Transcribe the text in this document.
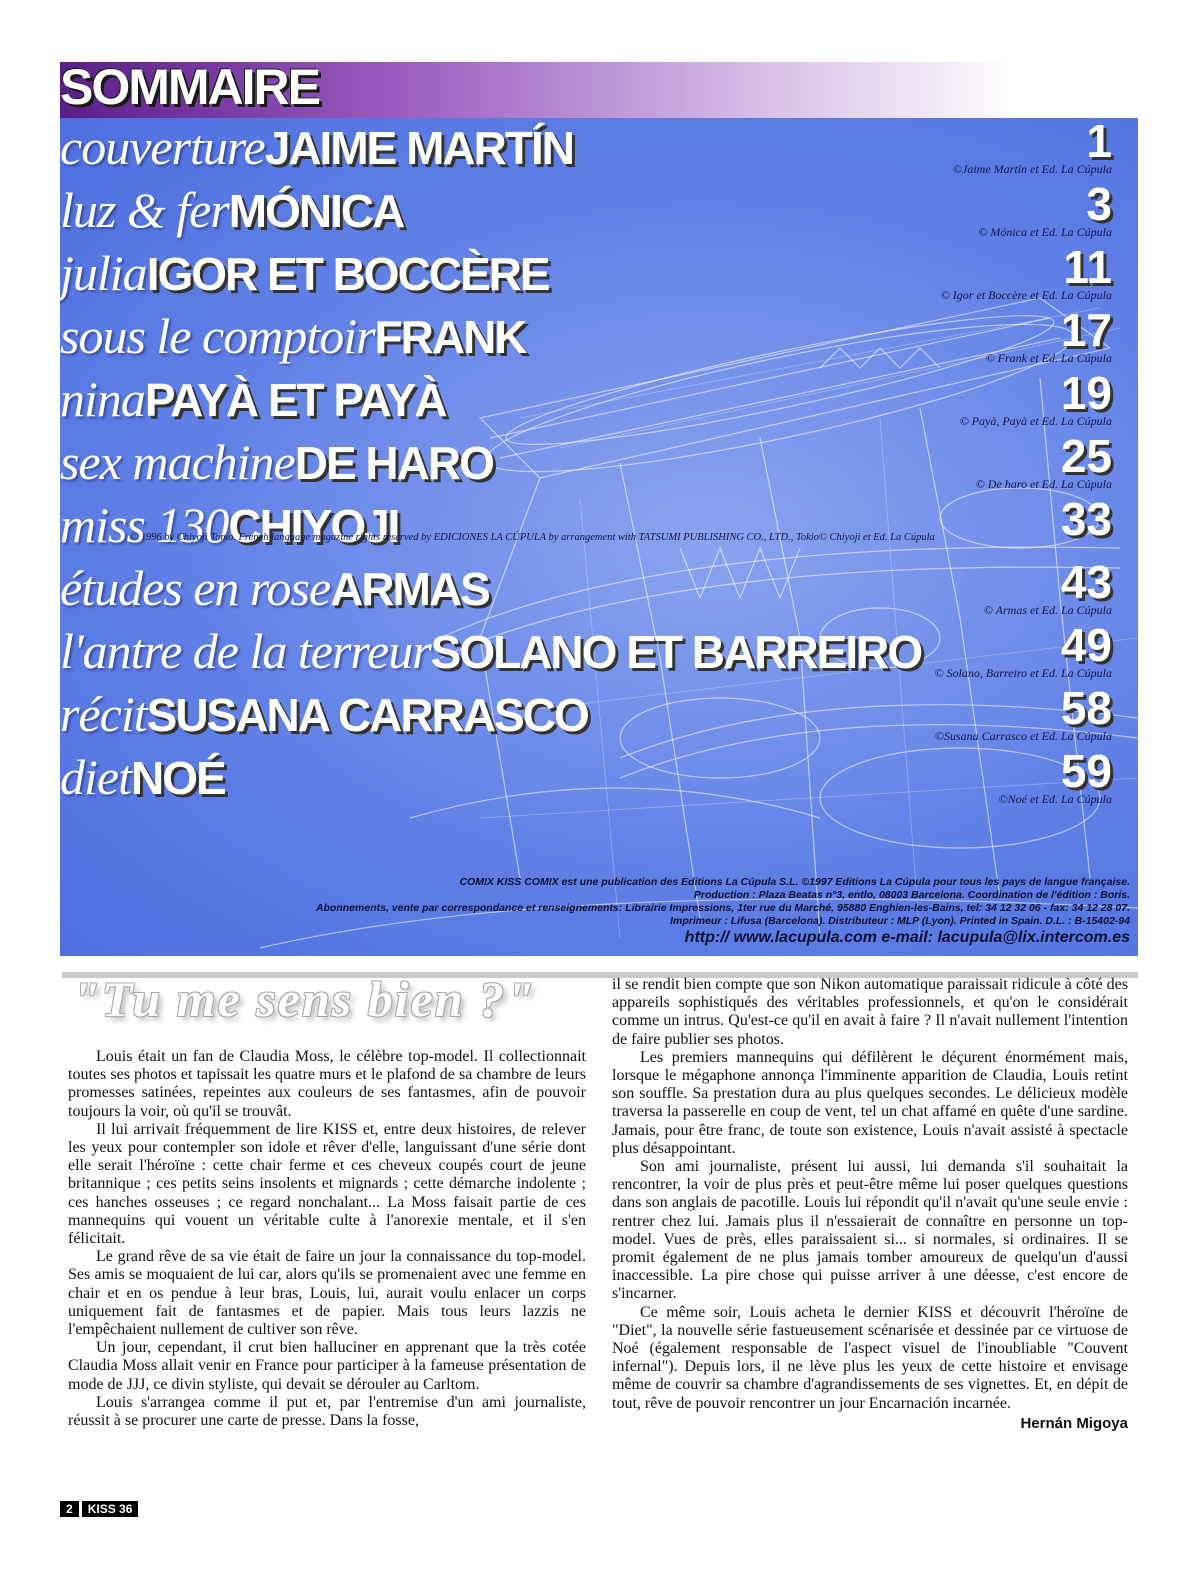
SOMMAIRE
couvertureJAIME MARTÍN	1
©Jaime Martín et Ed. La Cúpula
luz & ferMÓNICA	3
© Mónica et Ed. La Cúpula
juliaIGOR ET BOCCÈRE	11
© Igor et Boccère et Ed. La Cúpula
sous le comptoirFRANK	17
© Frank et Ed. La Cúpula
ninaPAYÀ ET PAYÀ	19
© Payà, Payà et Ed. La Cúpula
sex machineDE HARO	25
© De haro et Ed. La Cúpula
miss 130CHIYOJI	33
© 1996 by Chiyoji Tomo. French language magazine rights reserved by EDICIONES LA CÚPULA by arrangement with TATSUMI PUBLISHING CO., LTD., Tokio© Chiyoji et Ed. La Cúpula
études en roseARMAS	43
© Armas et Ed. La Cúpula
l'antre de la terreurSOLANO ET BARREIRO	49
© Solano, Barreiro et Ed. La Cúpula
récitSUSANA CARRASCO	58
©Susana Carrasco et Ed. La Cúpula
dietNOÉ	59
©Noé et Ed. La Cúpula
COMIX KISS COMIX est une publication des Editions La Cúpula S.L. ©1997 Editions La Cúpula pour tous les pays de langue française.
Production : Plaza Beatas n°3, entlo, 08003 Barcelona. Coordination de l'édition : Boris.
Abonnements, vente par correspondance et renseignements: Librairie Impressions, 1ter rue du Marché, 95880 Enghien-les-Bains, tel: 34 12 32 06 - fax: 34 12 28 07.
Imprimeur : Lifusa (Barcelona). Distributeur : MLP (Lyon). Printed in Spain. D.L. : B-15402-94
http:// www.lacupula.com e-mail: lacupula@lix.intercom.es
"Tu me sens bien ?"

Louis était un fan de Claudia Moss, le célèbre top-model. Il collectionnait toutes ses photos et tapissait les quatre murs et le plafond de sa chambre de leurs promesses satinées, repeintes aux couleurs de ses fantasmes, afin de pouvoir toujours la voir, où qu'il se trouvât.

Il lui arrivait fréquemment de lire KISS et, entre deux histoires, de relever les yeux pour contempler son idole et rêver d'elle, languissant d'une série dont elle serait l'héroïne : cette chair ferme et ces cheveux coupés court de jeune britannique ; ces petits seins insolents et mignards ; cette démarche indolente ; ces hanches osseuses ; ce regard nonchalant... La Moss faisait partie de ces mannequins qui vouent un véritable culte à l'anorexie mentale, et il s'en félicitait.

Le grand rêve de sa vie était de faire un jour la connaissance du top-model. Ses amis se moquaient de lui car, alors qu'ils se promenaient avec une femme en chair et en os pendue à leur bras, Louis, lui, aurait voulu enlacer un corps uniquement fait de fantasmes et de papier. Mais tous leurs lazzis ne l'empêchaient nullement de cultiver son rêve.

Un jour, cependant, il crut bien halluciner en apprenant que la très cotée Claudia Moss allait venir en France pour participer à la fameuse présentation de mode de JJJ, ce divin styliste, qui devait se dérouler au Carltom.

Louis s'arrangea comme il put et, par l'entremise d'un ami journaliste, réussit à se procurer une carte de presse. Dans la fosse,

il se rendit bien compte que son Nikon automatique paraissait ridicule à côté des appareils sophistiqués des véritables professionnels, et qu'on le considérait comme un intrus. Qu'est-ce qu'il en avait à faire ? Il n'avait nullement l'intention de faire publier ses photos.

Les premiers mannequins qui défilèrent le déçurent énormément mais, lorsque le mégaphone annonça l'imminente apparition de Claudia, Louis retint son souffle. Sa prestation dura au plus quelques secondes. Le délicieux modèle traversa la passerelle en coup de vent, tel un chat affamé en quête d'une sardine. Jamais, pour être franc, de toute son existence, Louis n'avait assisté à spectacle plus désappointant.

Son ami journaliste, présent lui aussi, lui demanda s'il souhaitait la rencontrer, la voir de plus près et peut-être même lui poser quelques questions dans son anglais de pacotille. Louis lui répondit qu'il n'avait qu'une seule envie : rentrer chez lui. Jamais plus il n'essaierait de connaître en personne un top-model. Vues de près, elles paraissaient si... si normales, si ordinaires. Il se promit également de ne plus jamais tomber amoureux de quelqu'un d'aussi inaccessible. La pire chose qui puisse arriver à une déesse, c'est encore de s'incarner.

Ce même soir, Louis acheta le dernier KISS et découvrit l'héroïne de "Diet", la nouvelle série fastueusement scénarisée et dessinée par ce virtuose de Noé (également responsable de l'aspect visuel de l'inoubliable "Couvent infernal"). Depuis lors, il ne lève plus les yeux de cette histoire et envisage même de couvrir sa chambre d'agrandissements de ses vignettes. Et, en dépit de tout, rêve de pouvoir rencontrer un jour Encarnación incarnée.

Hernán Migoya
2	KISS 36
